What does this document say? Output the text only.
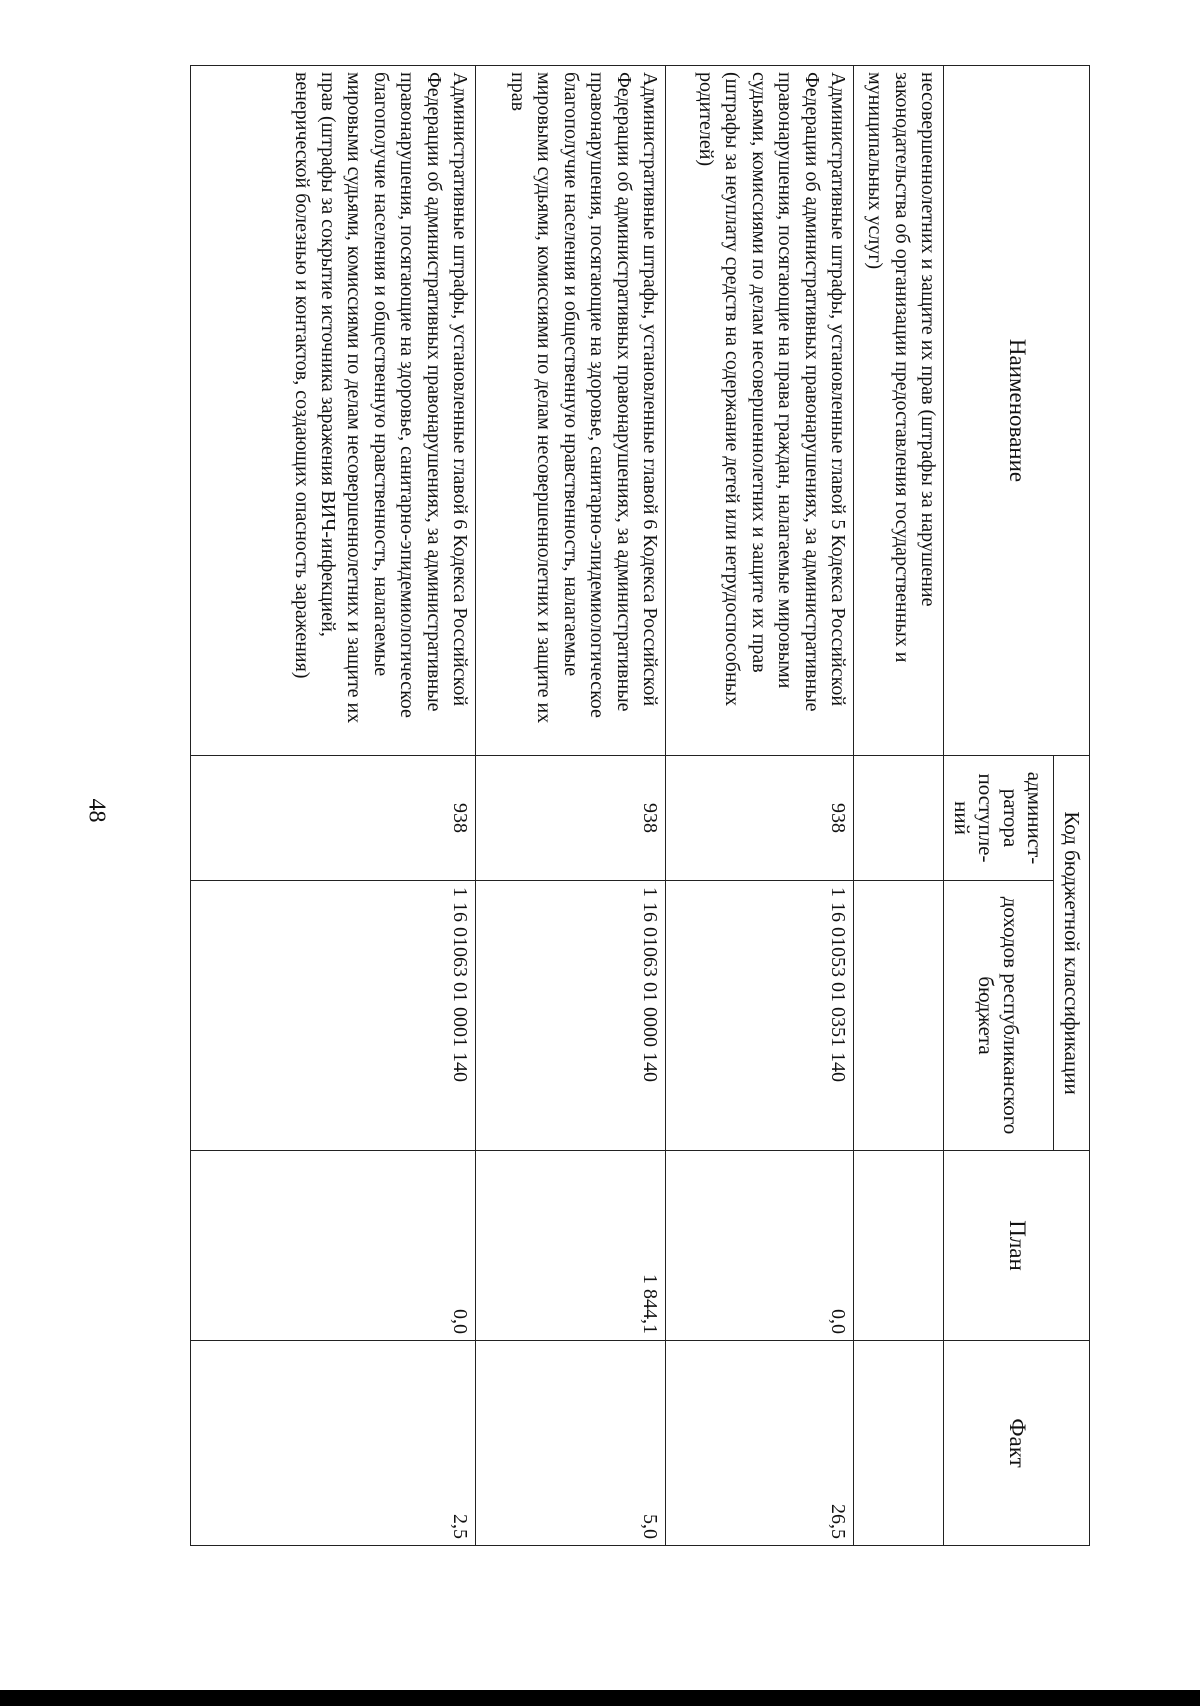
48
Наименование	Код бюджетной классификации		План	Факт
	админист-ратора поступле-ний	доходов республиканского бюджета		
несовершеннолетних и защите их прав (штрафы за нарушение законодательства об организации предоставления государственных и муниципальных услуг)				
Административные штрафы, установленные главой 5 Кодекса Российской Федерации об административных правонарушениях, за административные правонарушения, посягающие на права граждан, налагаемые мировыми судьями, комиссиями по делам несовершеннолетних и защите их прав (штрафы за неуплату средств на содержание детей или нетрудоспособных родителей)	938	1 16 01053 01 0351 140	0,0	26,5
Административные штрафы, установленные главой 6 Кодекса Российской Федерации об административных правонарушениях, за административные правонарушения, посягающие на здоровье, санитарно-эпидемиологическое благополучие населения и общественную нравственность, налагаемые мировыми судьями, комиссиями по делам несовершеннолетних и защите их прав	938	1 16 01063 01 0000 140	1 844,1	5,0
Административные штрафы, установленные главой 6 Кодекса Российской Федерации об административных правонарушениях, за административные правонарушения, посягающие на здоровье, санитарно-эпидемиологическое благополучие населения и общественную нравственность, налагаемые мировыми судьями, комиссиями по делам несовершеннолетних и защите их прав (штрафы за сокрытие источника заражения ВИЧ-инфекцией, венерической болезнью и контактов, создающих опасность заражения)	938	1 16 01063 01 0001 140	0,0	2,5
